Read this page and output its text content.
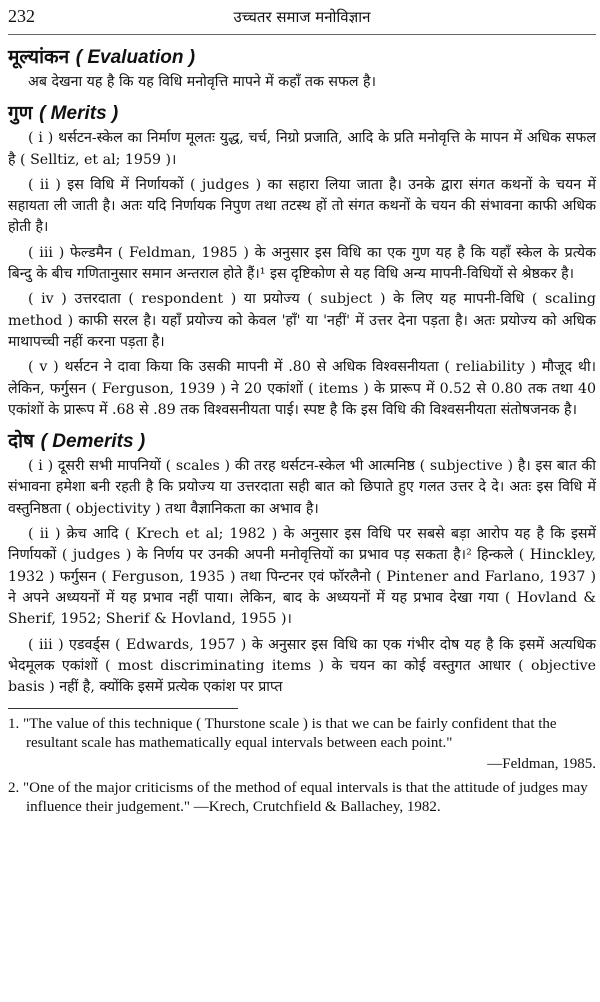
232	उच्चतर समाज मनोविज्ञान
मूल्यांकन ( Evaluation )

अब देखना यह है कि यह विधि मनोवृत्ति मापने में कहाँ तक सफल है।

गुण ( Merits )

( i ) थर्सटन-स्केल का निर्माण मूलतः युद्ध, चर्च, निग्रो प्रजाति, आदि के प्रति मनोवृत्ति के मापन में अधिक सफल है ( Selltiz, et al; 1959 )।

( ii ) इस विधि में निर्णायकों ( judges ) का सहारा लिया जाता है। उनके द्वारा संगत कथनों के चयन में सहायता ली जाती है। अतः यदि निर्णायक निपुण तथा तटस्थ हों तो संगत कथनों के चयन की संभावना काफी अधिक होती है।

( iii ) फेल्डमैन ( Feldman, 1985 ) के अनुसार इस विधि का एक गुण यह है कि यहाँ स्केल के प्रत्येक बिन्दु के बीच गणितानुसार समान अन्तराल होते हैं।¹ इस दृष्टिकोण से यह विधि अन्य मापनी-विधियों से श्रेष्ठकर है।

( iv ) उत्तरदाता ( respondent ) या प्रयोज्य ( subject ) के लिए यह मापनी-विधि ( scaling method ) काफी सरल है। यहाँ प्रयोज्य को केवल 'हाँ' या 'नहीं' में उत्तर देना पड़ता है। अतः प्रयोज्य को अधिक माथापच्ची नहीं करना पड़ता है।

( v ) थर्सटन ने दावा किया कि उसकी मापनी में .80 से अधिक विश्वसनीयता ( reliability ) मौजूद थी। लेकिन, फर्गुसन ( Ferguson, 1939 ) ने 20 एकांशों ( items ) के प्रारूप में 0.52 से 0.80 तक तथा 40 एकांशों के प्रारूप में .68 से .89 तक विश्वसनीयता पाई। स्पष्ट है कि इस विधि की विश्वसनीयता संतोषजनक है।

दोष ( Demerits )

( i ) दूसरी सभी मापनियों ( scales ) की तरह थर्सटन-स्केल भी आत्मनिष्ठ ( subjective ) है। इस बात की संभावना हमेशा बनी रहती है कि प्रयोज्य या उत्तरदाता सही बात को छिपाते हुए गलत उत्तर दे दे। अतः इस विधि में वस्तुनिष्ठता ( objectivity ) तथा वैज्ञानिकता का अभाव है।

( ii ) क्रेच आदि ( Krech et al; 1982 ) के अनुसार इस विधि पर सबसे बड़ा आरोप यह है कि इसमें निर्णायकों ( judges ) के निर्णय पर उनकी अपनी मनोवृत्तियों का प्रभाव पड़ सकता है।² हिन्कले ( Hinckley, 1932 ) फर्गुसन ( Ferguson, 1935 ) तथा पिन्टनर एवं फॉरलैनो ( Pintener and Farlano, 1937 ) ने अपने अध्ययनों में यह प्रभाव नहीं पाया। लेकिन, बाद के अध्ययनों में यह प्रभाव देखा गया ( Hovland & Sherif, 1952; Sherif & Hovland, 1955 )।

( iii ) एडवर्ड्स ( Edwards, 1957 ) के अनुसार इस विधि का एक गंभीर दोष यह है कि इसमें अत्यधिक भेदमूलक एकांशों ( most discriminating items ) के चयन का कोई वस्तुगत आधार ( objective basis ) नहीं है, क्योंकि इसमें प्रत्येक एकांश पर प्राप्त

1. "The value of this technique ( Thurstone scale ) is that we can be fairly confident that the resultant scale has mathematically equal intervals between each point."

—Feldman, 1985.

2. "One of the major criticisms of the method of equal intervals is that the attitude of judges may influence their judgement." —Krech, Crutchfield & Ballachey, 1982.
